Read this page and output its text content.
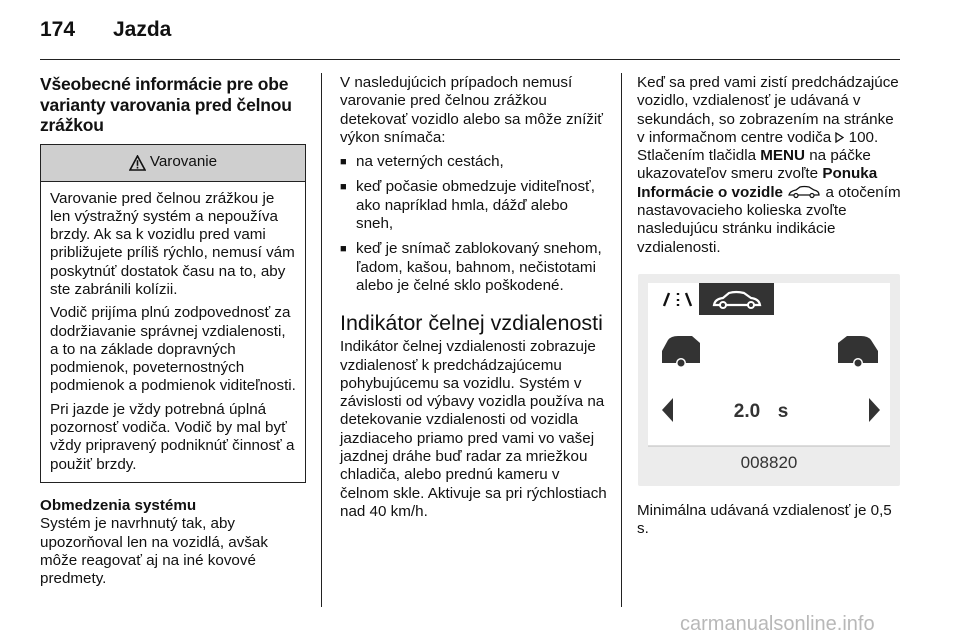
174 Jazda
Všeobecné informácie pre obe varianty varovania pred čelnou zrážkou
Varovanie

Varovanie pred čelnou zrážkou je len výstražný systém a nepoužíva brzdy. Ak sa k vozidlu pred vami približujete príliš rýchlo, nemusí vám poskytnúť dostatok času na to, aby ste zabránili kolízii.

Vodič prijíma plnú zodpovednosť za dodržiavanie správnej vzdialenosti, a to na základe dopravných podmienok, poveternostných podmienok a podmienok viditeľnosti.

Pri jazde je vždy potrebná úplná pozornosť vodiča. Vodič by mal byť vždy pripravený podniknúť činnosť a použiť brzdy.

Obmedzenia systému

Systém je navrhnutý tak, aby upozorňoval len na vozidlá, avšak môže reagovať aj na iné kovové predmety.

V nasledujúcich prípadoch nemusí varovanie pred čelnou zrážkou detekovať vozidlo alebo sa môže znížiť výkon snímača:

■ na veterných cestách,
■ keď počasie obmedzuje viditeľnosť, ako napríklad hmla, dážď alebo sneh,
■ keď je snímač zablokovaný snehom, ľadom, kašou, bahnom, nečistotami alebo je čelné sklo poškodené.
Indikátor čelnej vzdialenosti

Indikátor čelnej vzdialenosti zobrazuje vzdialenosť k predchádzajúcemu pohybujúcemu sa vozidlu. Systém v závislosti od výbavy vozidla používa na detekovanie vzdialenosti od vozidla jazdiaceho priamo pred vami vo vašej jazdnej dráhe buď radar za mriežkou chladiča, alebo prednú kameru v čelnom skle. Aktivuje sa pri rýchlostiach nad 40 km/h.

Keď sa pred vami zistí predchádzajúce vozidlo, vzdialenosť je udávaná v sekundách, so zobrazením na stránke v informačnom centre vodiča 100.
Stlačením tlačidla MENU na páčke ukazovateľov smeru zvoľte Ponuka Informácie o vozidle	a otočením nastavovacieho kolieska zvoľte nasledujúcu stránku indikácie vzdialenosti.

2.0 s
008820

Minimálna udávaná vzdialenosť je 0,5 s.

carmanualsonline.info
